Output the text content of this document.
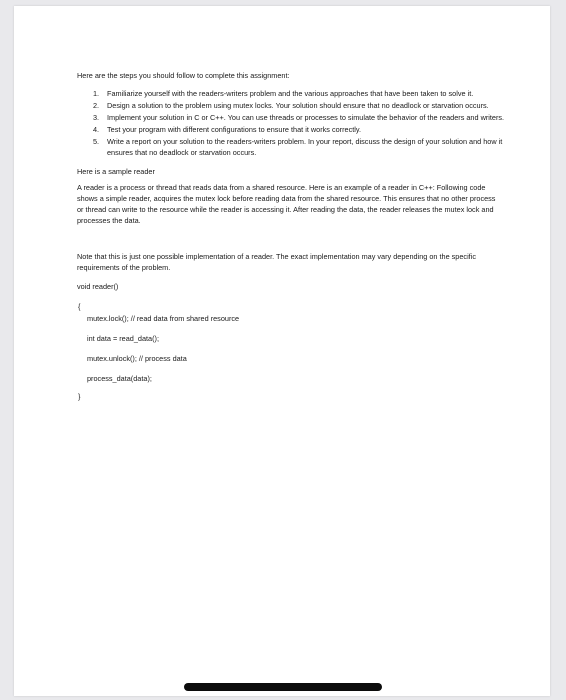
Here are the steps you should follow to complete this assignment:
1. Familiarize yourself with the readers-writers problem and the various approaches that have been taken to solve it.
2. Design a solution to the problem using mutex locks. Your solution should ensure that no deadlock or starvation occurs.
3. Implement your solution in C or C++. You can use threads or processes to simulate the behavior of the readers and writers.
4. Test your program with different configurations to ensure that it works correctly.
5. Write a report on your solution to the readers-writers problem. In your report, discuss the design of your solution and how it ensures that no deadlock or starvation occurs.
Here is a sample reader
A reader is a process or thread that reads data from a shared resource. Here is an example of a reader in C++: Following code shows a simple reader, acquires the mutex lock before reading data from the shared resource. This ensures that no other process or thread can write to the resource while the reader is accessing it. After reading the data, the reader releases the mutex lock and processes the data.
Note that this is just one possible implementation of a reader. The exact implementation may vary depending on the specific requirements of the problem.
void reader()
{
mutex.lock(); // read data from shared resource
int data = read_data();
mutex.unlock(); // process data
process_data(data);
}
